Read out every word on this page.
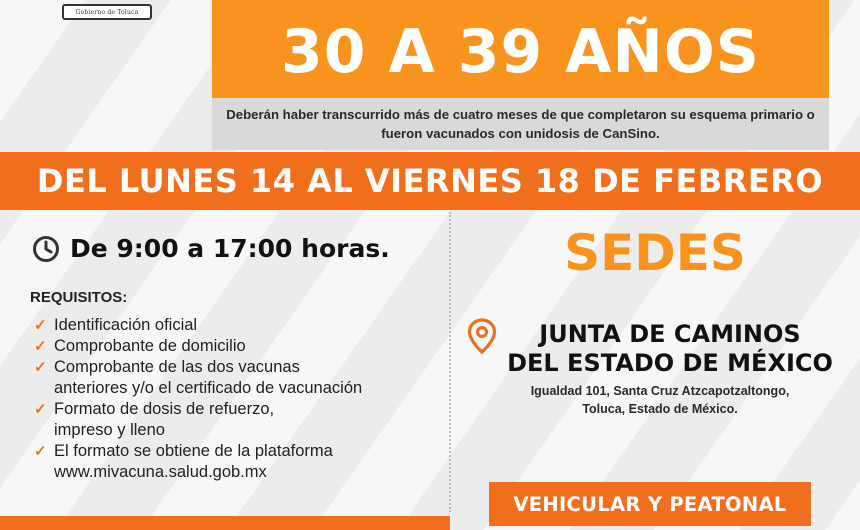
Gobierno de Toluca
30 A 39 AÑOS

Deberán haber transcurrido más de cuatro meses de que completaron su esquema primario o fueron vacunados con unidosis de CanSino.

DEL LUNES 14 AL VIERNES 18 DE FEBRERO
De 9:00 a 17:00 horas.
REQUISITOS:
✓ Identificación oficial
✓ Comprobante de domicilio
✓ Comprobante de las dos vacunas
anteriores y/o el certificado de vacunación
✓ Formato de dosis de refuerzo,
impreso y lleno
✓ El formato se obtiene de la plataforma
www.mivacuna.salud.gob.mx
SEDES
JUNTA DE CAMINOS
DEL ESTADO DE MÉXICO
Igualdad 101, Santa Cruz Atzcapotzaltongo,
Toluca, Estado de México.
VEHICULAR Y PEATONAL
